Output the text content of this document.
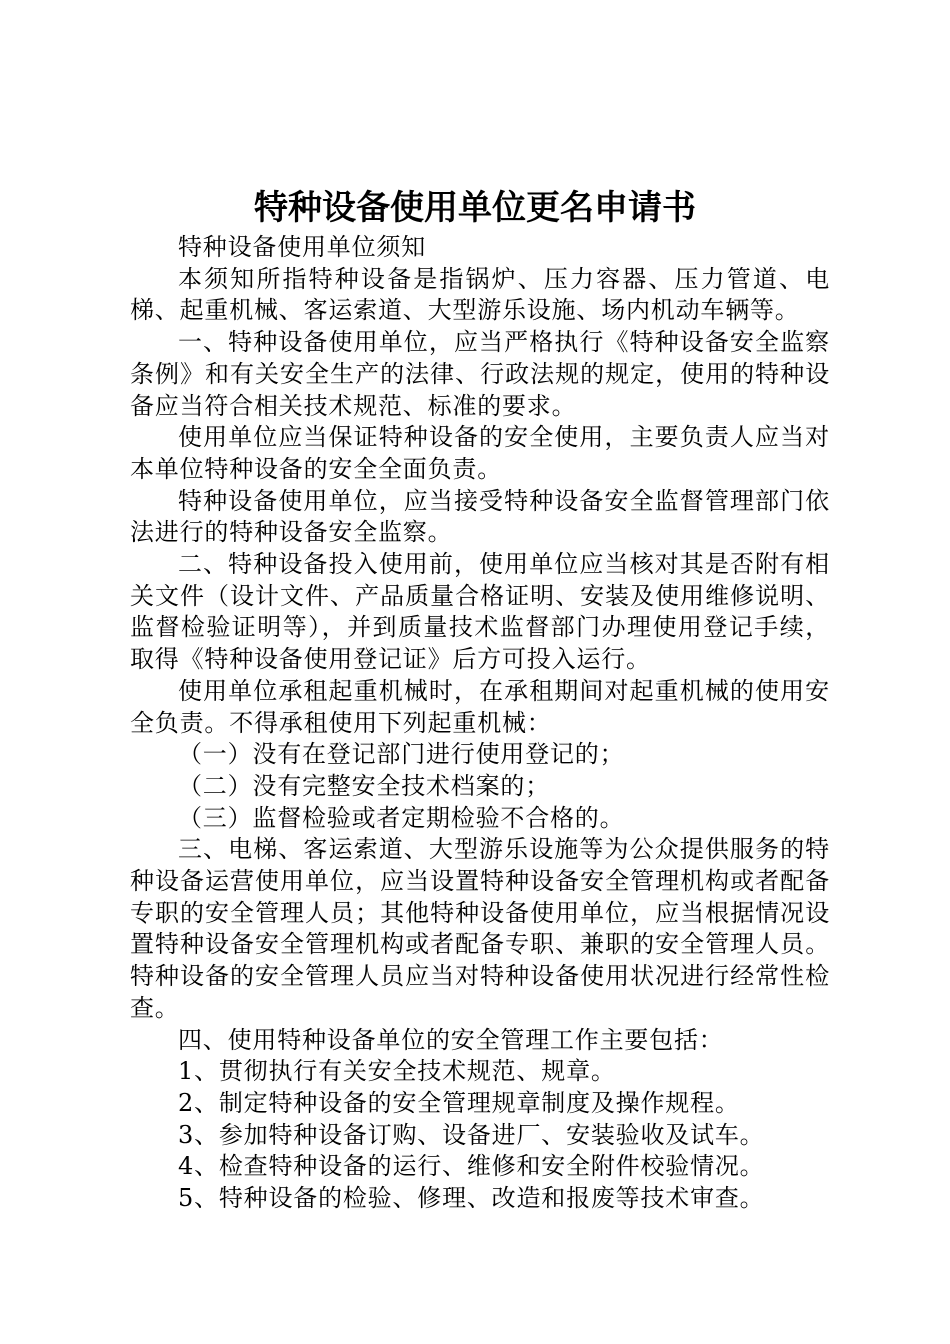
特种设备使用单位更名申请书

特种设备使用单位须知

本须知所指特种设备是指锅炉、压力容器、压力管道、电梯、起重机械、客运索道、大型游乐设施、场内机动车辆等。

一、特种设备使用单位，应当严格执行《特种设备安全监察条例》和有关安全生产的法律、行政法规的规定，使用的特种设备应当符合相关技术规范、标准的要求。

使用单位应当保证特种设备的安全使用，主要负责人应当对本单位特种设备的安全全面负责。

特种设备使用单位，应当接受特种设备安全监督管理部门依法进行的特种设备安全监察。

二、特种设备投入使用前，使用单位应当核对其是否附有相关文件（设计文件、产品质量合格证明、安装及使用维修说明、监督检验证明等），并到质量技术监督部门办理使用登记手续，取得《特种设备使用登记证》后方可投入运行。

使用单位承租起重机械时，在承租期间对起重机械的使用安全负责。不得承租使用下列起重机械：

（一）没有在登记部门进行使用登记的；

（二）没有完整安全技术档案的；

（三）监督检验或者定期检验不合格的。

三、电梯、客运索道、大型游乐设施等为公众提供服务的特种设备运营使用单位，应当设置特种设备安全管理机构或者配备专职的安全管理人员；其他特种设备使用单位，应当根据情况设置特种设备安全管理机构或者配备专职、兼职的安全管理人员。特种设备的安全管理人员应当对特种设备使用状况进行经常性检查。

四、使用特种设备单位的安全管理工作主要包括：

1、贯彻执行有关安全技术规范、规章。

2、制定特种设备的安全管理规章制度及操作规程。

3、参加特种设备订购、设备进厂、安装验收及试车。

4、检查特种设备的运行、维修和安全附件校验情况。

5、特种设备的检验、修理、改造和报废等技术审查。
